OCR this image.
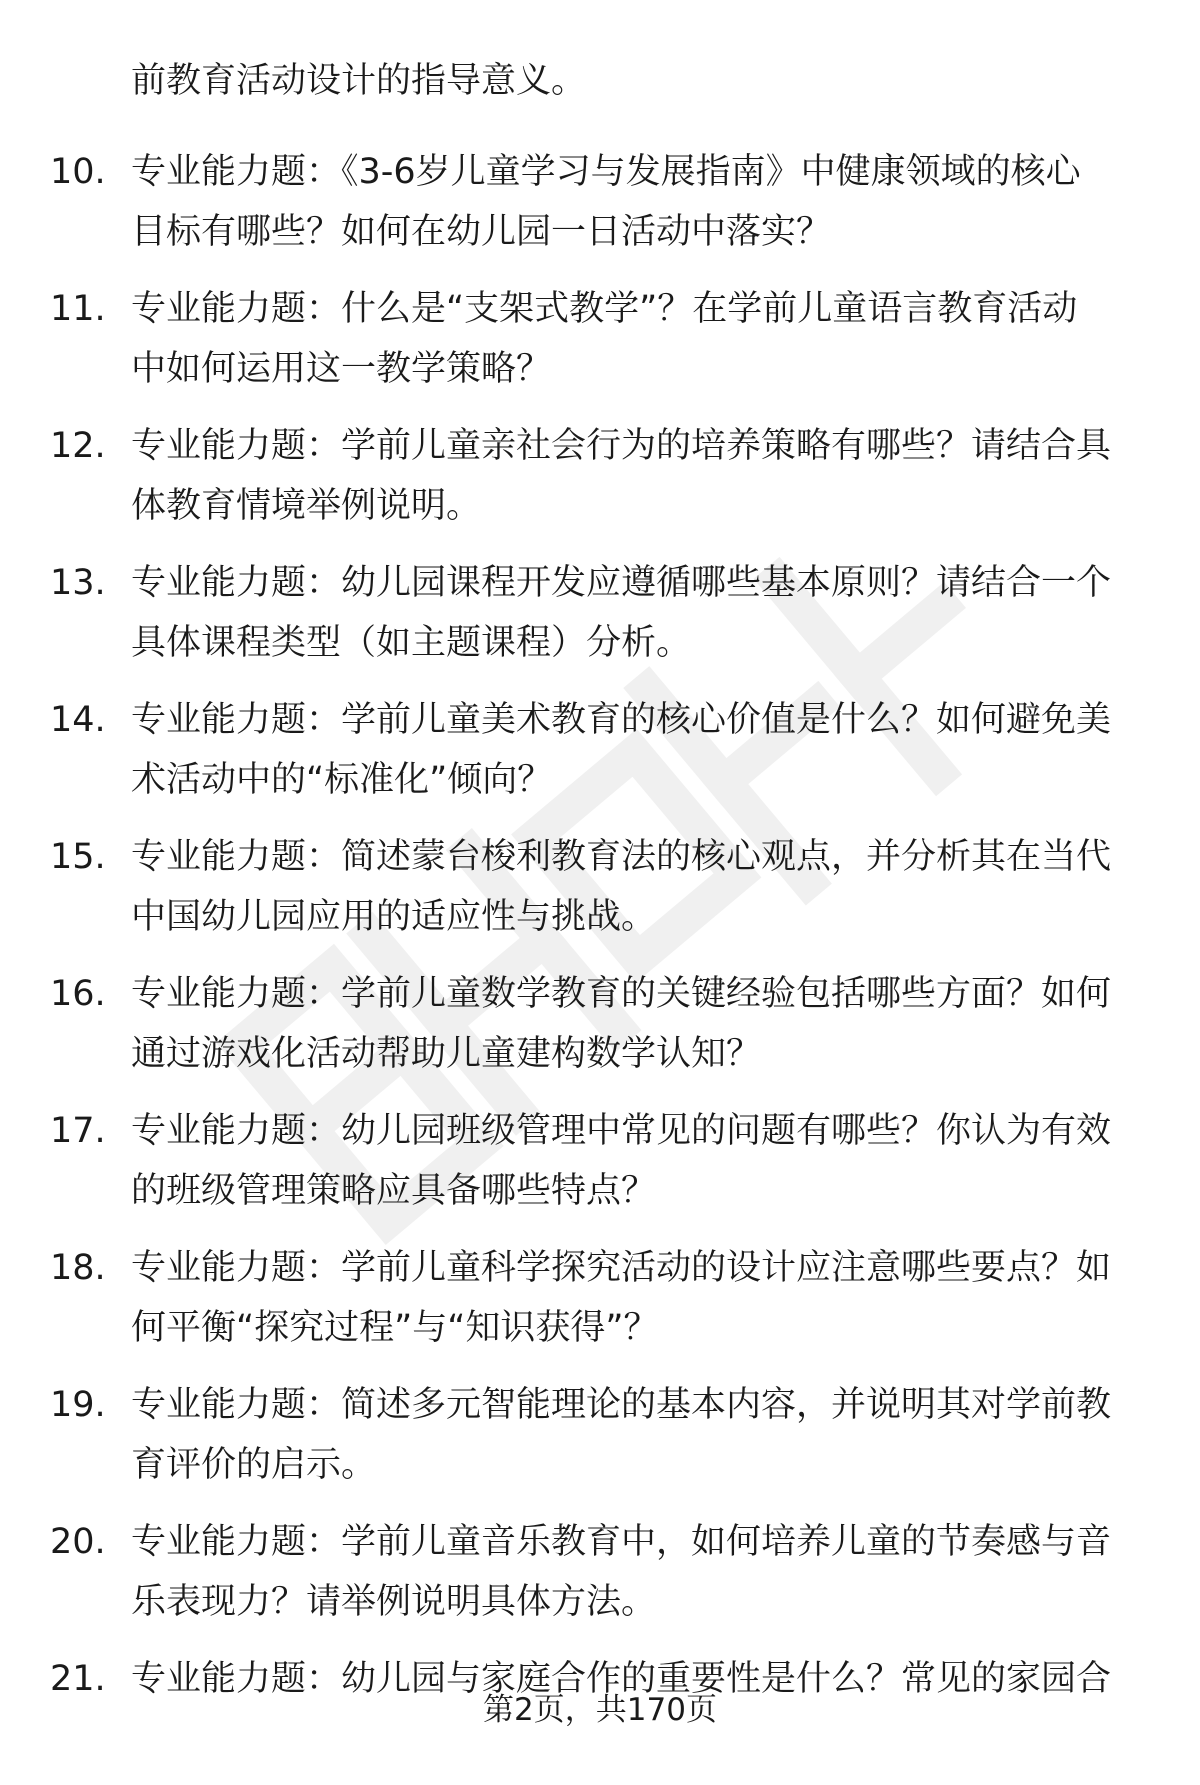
前教育活动设计的指导意义。
10. 专业能力题：《3-6岁儿童学习与发展指南》中健康领域的核心
目标有哪些？如何在幼儿园一日活动中落实？
11. 专业能力题：什么是“支架式教学”？在学前儿童语言教育活动
中如何运用这一教学策略？
12. 专业能力题：学前儿童亲社会行为的培养策略有哪些？请结合具
体教育情境举例说明。
13. 专业能力题：幼儿园课程开发应遵循哪些基本原则？请结合一个
具体课程类型（如主题课程）分析。
14. 专业能力题：学前儿童美术教育的核心价值是什么？如何避免美
术活动中的“标准化”倾向？
15. 专业能力题：简述蒙台梭利教育法的核心观点，并分析其在当代
中国幼儿园应用的适应性与挑战。
16. 专业能力题：学前儿童数学教育的关键经验包括哪些方面？如何
通过游戏化活动帮助儿童建构数学认知？
17. 专业能力题：幼儿园班级管理中常见的问题有哪些？你认为有效
的班级管理策略应具备哪些特点？
18. 专业能力题：学前儿童科学探究活动的设计应注意哪些要点？如
何平衡“探究过程”与“知识获得”？
19. 专业能力题：简述多元智能理论的基本内容，并说明其对学前教
育评价的启示。
20. 专业能力题：学前儿童音乐教育中，如何培养儿童的节奏感与音
乐表现力？请举例说明具体方法。
21. 专业能力题：幼儿园与家庭合作的重要性是什么？常见的家园合
第2页，共170页
